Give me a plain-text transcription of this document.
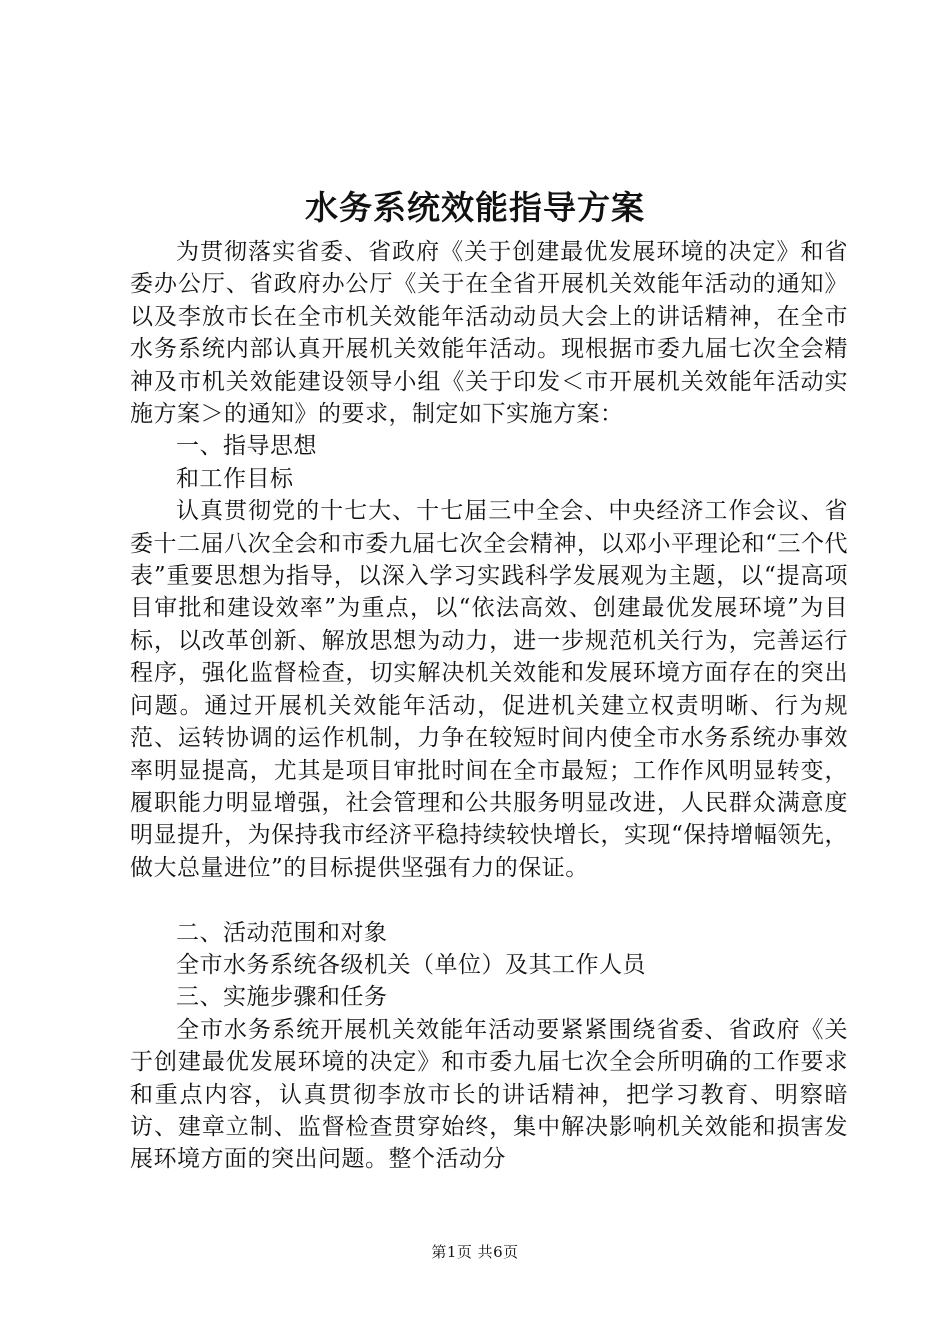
水务系统效能指导方案

为贯彻落实省委、省政府《关于创建最优发展环境的决定》和省委办公厅、省政府办公厅《关于在全省开展机关效能年活动的通知》以及李放市长在全市机关效能年活动动员大会上的讲话精神，在全市水务系统内部认真开展机关效能年活动。现根据市委九届七次全会精神及市机关效能建设领导小组《关于印发＜市开展机关效能年活动实施方案＞的通知》的要求，制定如下实施方案：

一、指导思想

和工作目标

认真贯彻党的十七大、十七届三中全会、中央经济工作会议、省委十二届八次全会和市委九届七次全会精神，以邓小平理论和“三个代表”重要思想为指导，以深入学习实践科学发展观为主题，以“提高项目审批和建设效率”为重点，以“依法高效、创建最优发展环境”为目标，以改革创新、解放思想为动力，进一步规范机关行为，完善运行程序，强化监督检查，切实解决机关效能和发展环境方面存在的突出问题。通过开展机关效能年活动，促进机关建立权责明晰、行为规范、运转协调的运作机制，力争在较短时间内使全市水务系统办事效率明显提高，尤其是项目审批时间在全市最短；工作作风明显转变，履职能力明显增强，社会管理和公共服务明显改进，人民群众满意度明显提升，为保持我市经济平稳持续较快增长，实现“保持增幅领先，做大总量进位”的目标提供坚强有力的保证。

二、活动范围和对象

全市水务系统各级机关（单位）及其工作人员

三、实施步骤和任务

全市水务系统开展机关效能年活动要紧紧围绕省委、省政府《关于创建最优发展环境的决定》和市委九届七次全会所明确的工作要求和重点内容，认真贯彻李放市长的讲话精神，把学习教育、明察暗访、建章立制、监督检查贯穿始终，集中解决影响机关效能和损害发展环境方面的突出问题。整个活动分

第1页 共6页
